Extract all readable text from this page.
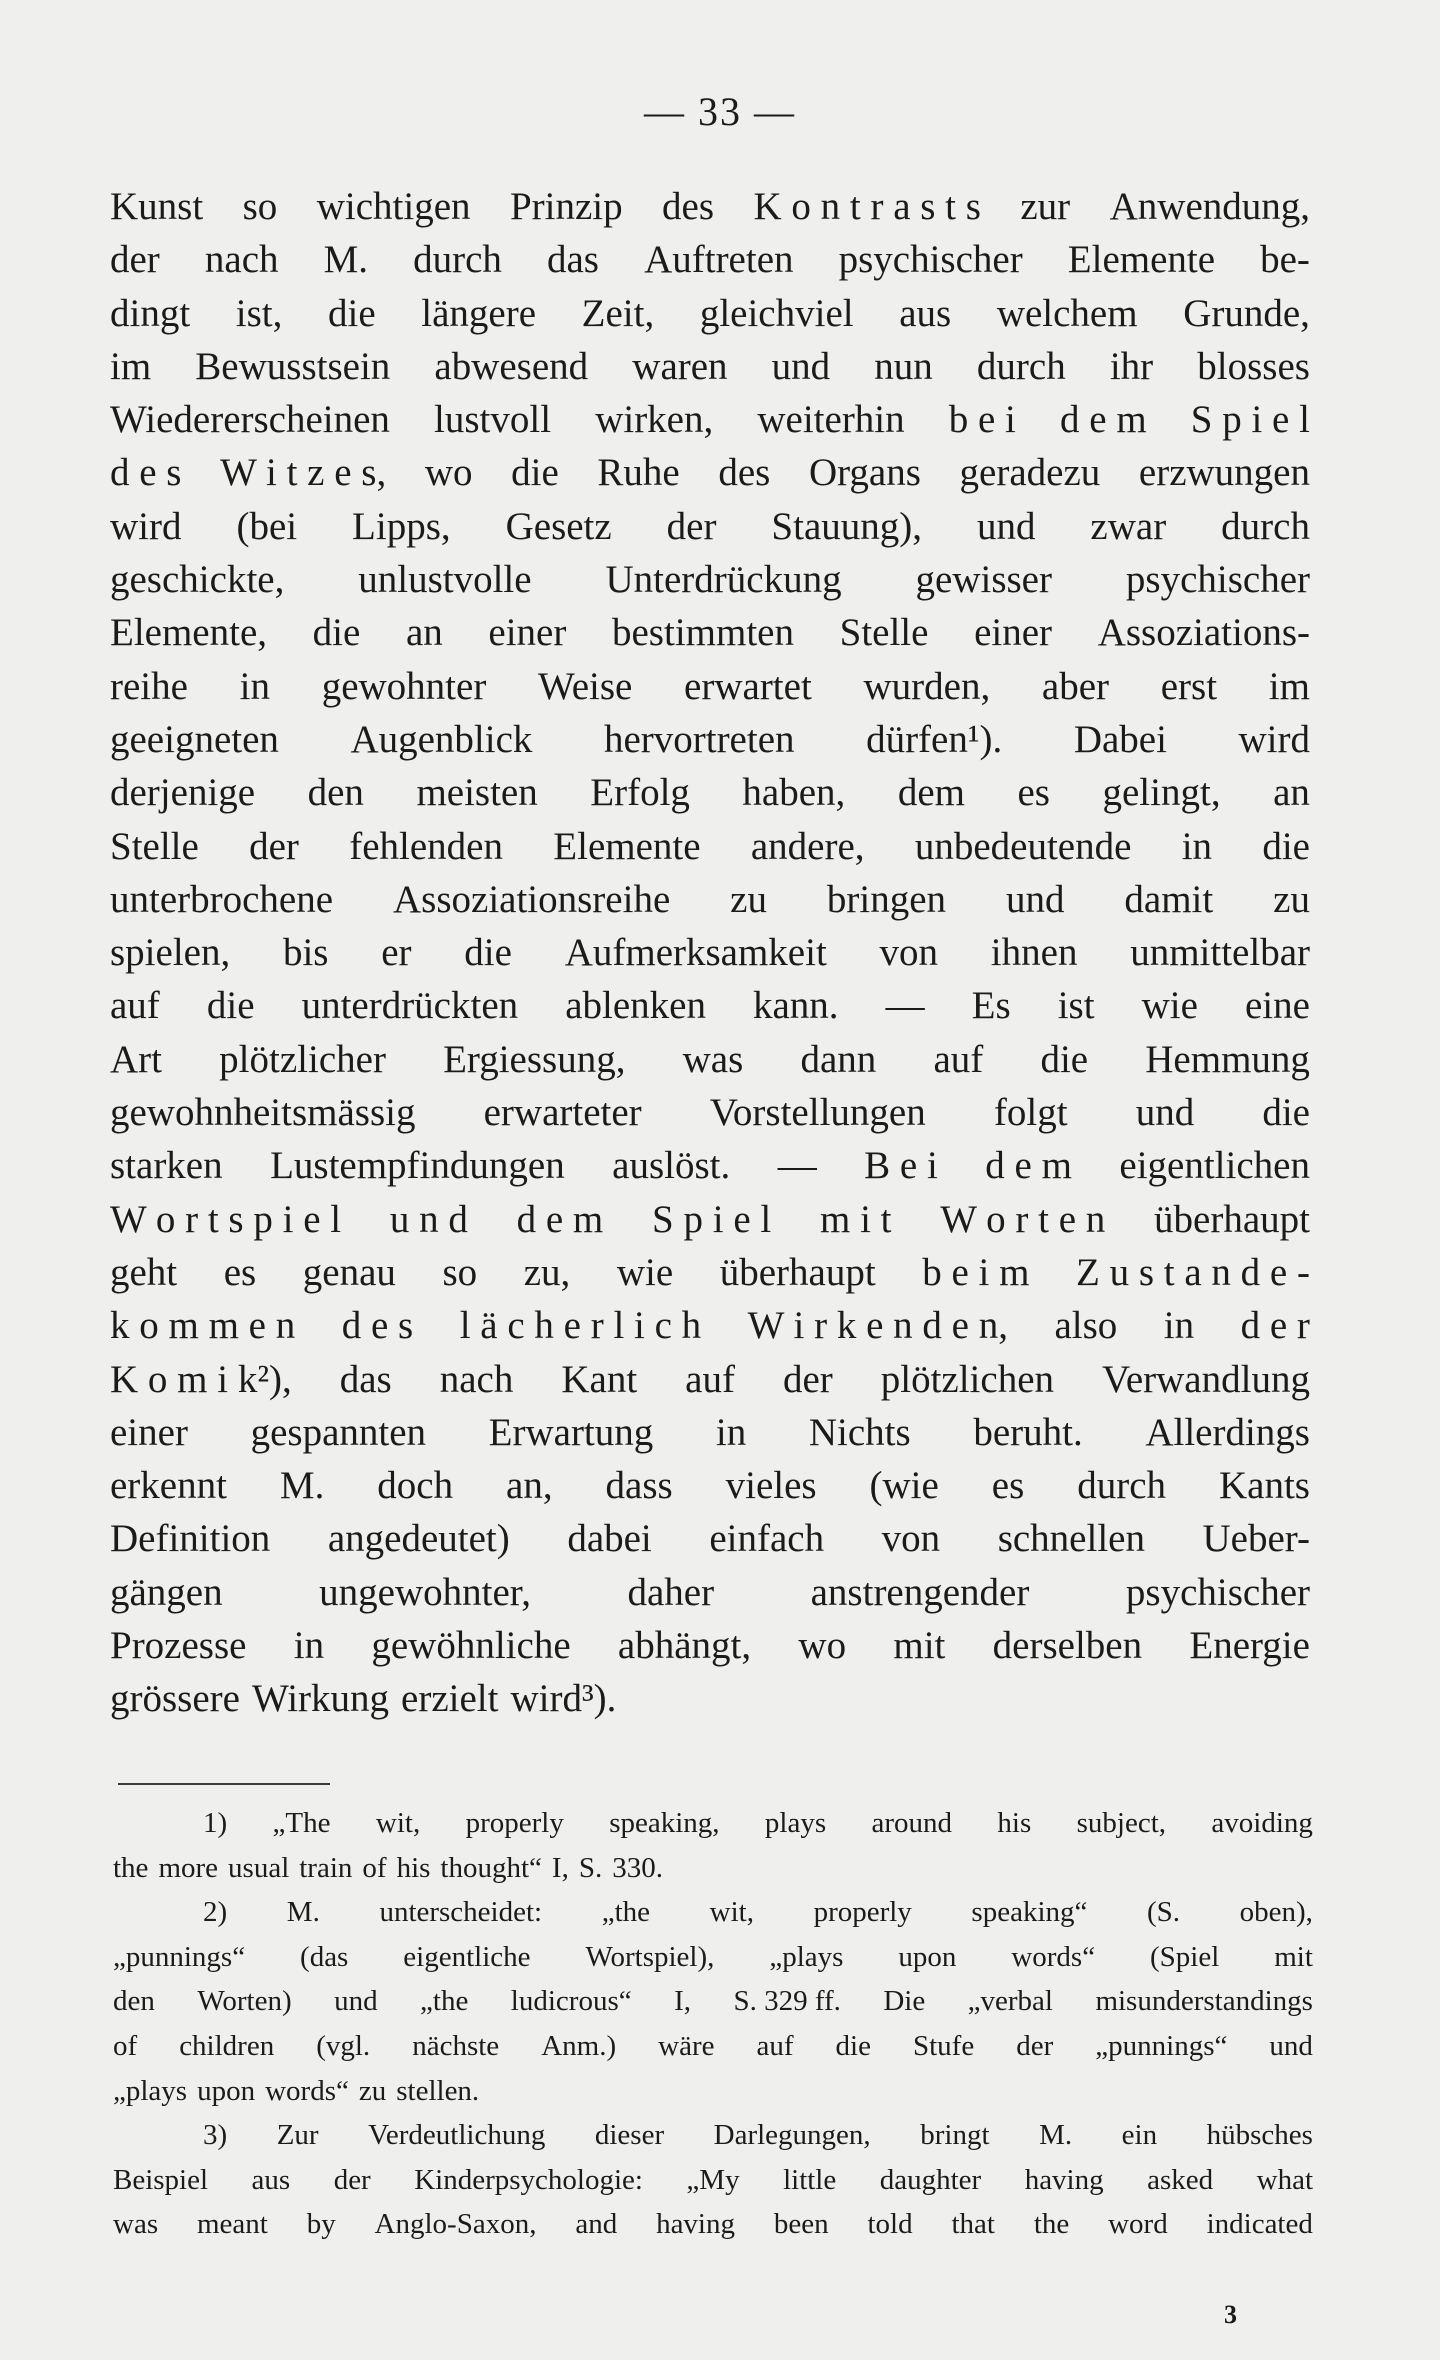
— 33 —
Kunst so wichtigen Prinzip des K o n t r a s t s zur Anwendung,
der nach M. durch das Auftreten psychischer Elemente be-
dingt ist, die längere Zeit, gleichviel aus welchem Grunde,
im Bewusstsein abwesend waren und nun durch ihr blosses
Wiedererscheinen lustvoll wirken, weiterhin b e i d e m S p i e l
d e s W i t z e s, wo die Ruhe des Organs geradezu erzwungen
wird (bei Lipps, Gesetz der Stauung), und zwar durch
geschickte, unlustvolle Unterdrückung gewisser psychischer
Elemente, die an einer bestimmten Stelle einer Assoziations-
reihe in gewohnter Weise erwartet wurden, aber erst im
geeigneten Augenblick hervortreten dürfen¹). Dabei wird
derjenige den meisten Erfolg haben, dem es gelingt, an
Stelle der fehlenden Elemente andere, unbedeutende in die
unterbrochene Assoziationsreihe zu bringen und damit zu
spielen, bis er die Aufmerksamkeit von ihnen unmittelbar
auf die unterdrückten ablenken kann. — Es ist wie eine
Art plötzlicher Ergiessung, was dann auf die Hemmung
gewohnheitsmässig erwarteter Vorstellungen folgt und die
starken Lustempfindungen auslöst. — B e i d e m eigentlichen
W o r t s p i e l u n d d e m S p i e l m i t W o r t e n überhaupt
geht es genau so zu, wie überhaupt b e i m Z u s t a n d e -
k o m m e n d e s l ä c h e r l i c h W i r k e n d e n, also in d e r
K o m i k²), das nach Kant auf der plötzlichen Verwandlung
einer gespannten Erwartung in Nichts beruht. Allerdings
erkennt M. doch an, dass vieles (wie es durch Kants
Definition angedeutet) dabei einfach von schnellen Ueber-
gängen ungewohnter, daher anstrengender psychischer
Prozesse in gewöhnliche abhängt, wo mit derselben Energie
grössere Wirkung erzielt wird³).
1) „The wit, properly speaking, plays around his subject, avoiding
the more usual train of his thought“ I, S. 330.
2) M. unterscheidet: „the wit, properly speaking“ (S. oben),
„punnings“ (das eigentliche Wortspiel), „plays upon words“ (Spiel mit
den Worten) und „the ludicrous“ I, S. 329 ff. Die „verbal misunderstandings
of children (vgl. nächste Anm.) wäre auf die Stufe der „punnings“ und
„plays upon words“ zu stellen.
3) Zur Verdeutlichung dieser Darlegungen, bringt M. ein hübsches
Beispiel aus der Kinderpsychologie: „My little daughter having asked what
was meant by Anglo-Saxon, and having been told that the word indicated
3
